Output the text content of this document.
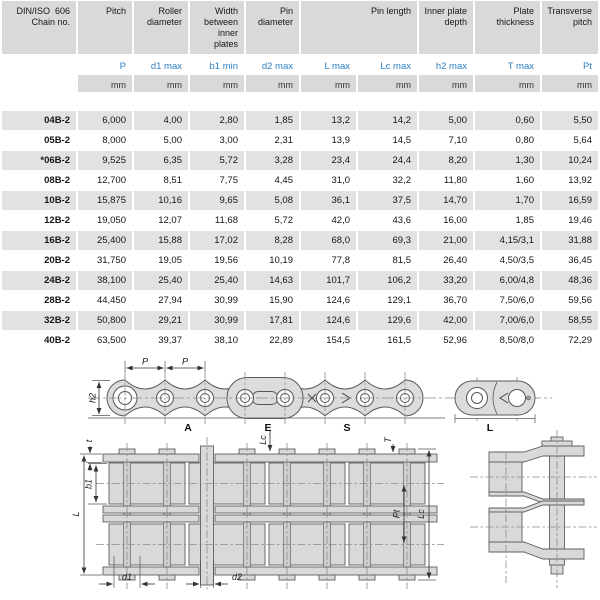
DIN/ISO  606
Chain no.	Pitch	Roller diameter	Width between inner plates	Pin diameter	Pin length		Inner plate depth	Plate thickness	Transverse pitch
	P	d1 max	b1 min	d2 max	L max	Lc max	h2 max	T max	Pt
	mm	mm	mm	mm	mm	mm	mm	mm	mm

04B-2	6,000	4,00	2,80	1,85	13,2	14,2	5,00	0,60	5,50
05B-2	8,000	5,00	3,00	2,31	13,9	14,5	7,10	0,80	5,64
*06B-2	9,525	6,35	5,72	3,28	23,4	24,4	8,20	1,30	10,24
08B-2	12,700	8,51	7,75	4,45	31,0	32,2	11,80	1,60	13,92
10B-2	15,875	10,16	9,65	5,08	36,1	37,5	14,70	1,70	16,59
12B-2	19,050	12,07	11,68	5,72	42,0	43,6	16,00	1,85	19,46
16B-2	25,400	15,88	17,02	8,28	68,0	69,3	21,00	4,15/3,1	31,88
20B-2	31,750	19,05	19,56	10,19	77,8	81,5	26,40	4,50/3,5	36,45
24B-2	38,100	25,40	25,40	14,63	101,7	106,2	33,20	6,00/4,8	48,36
28B-2	44,450	27,94	30,99	15,90	124,6	129,1	36,70	7,50/6,0	59,56
32B-2	50,800	29,21	30,99	17,81	124,6	129,6	42,00	7,00/6,0	58,55
40B-2	63,500	39,37	38,10	22,89	154,5	161,5	52,96	8,50/8,0	72,29
P	P
h2
A	E	S	L
L
t
b1
d1	d2
Lc	T
Pt Lc
